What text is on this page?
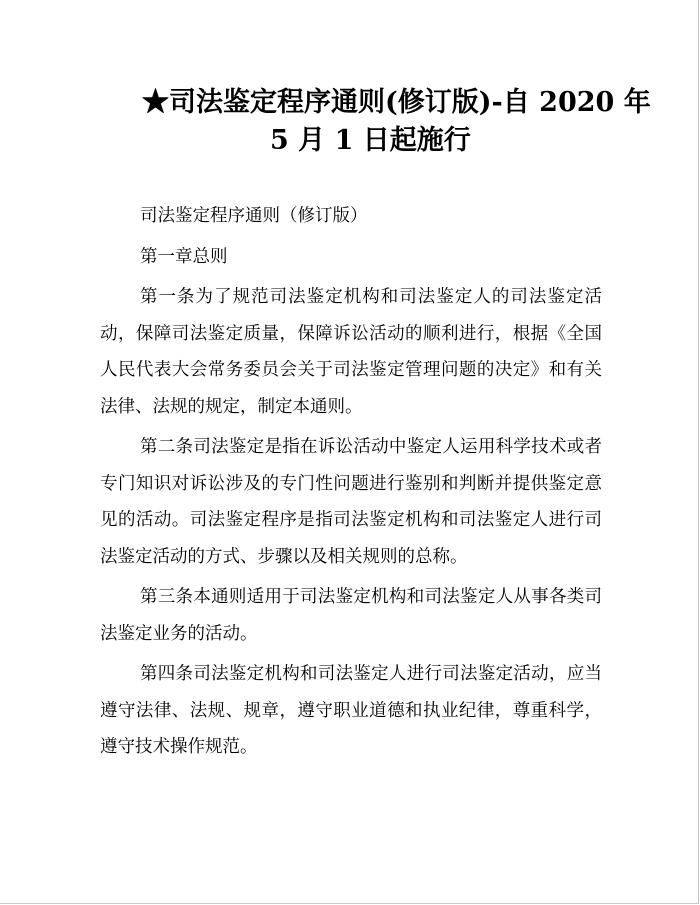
★司法鉴定程序通则(修订版)-自 2020 年
5 月 1 日起施行

司法鉴定程序通则（修订版）

第一章总则

第一条为了规范司法鉴定机构和司法鉴定人的司法鉴定活动，保障司法鉴定质量，保障诉讼活动的顺利进行，根据《全国人民代表大会常务委员会关于司法鉴定管理问题的决定》和有关法律、法规的规定，制定本通则。

第二条司法鉴定是指在诉讼活动中鉴定人运用科学技术或者专门知识对诉讼涉及的专门性问题进行鉴别和判断并提供鉴定意见的活动。司法鉴定程序是指司法鉴定机构和司法鉴定人进行司法鉴定活动的方式、步骤以及相关规则的总称。

第三条本通则适用于司法鉴定机构和司法鉴定人从事各类司法鉴定业务的活动。

第四条司法鉴定机构和司法鉴定人进行司法鉴定活动，应当遵守法律、法规、规章，遵守职业道德和执业纪律，尊重科学，遵守技术操作规范。
